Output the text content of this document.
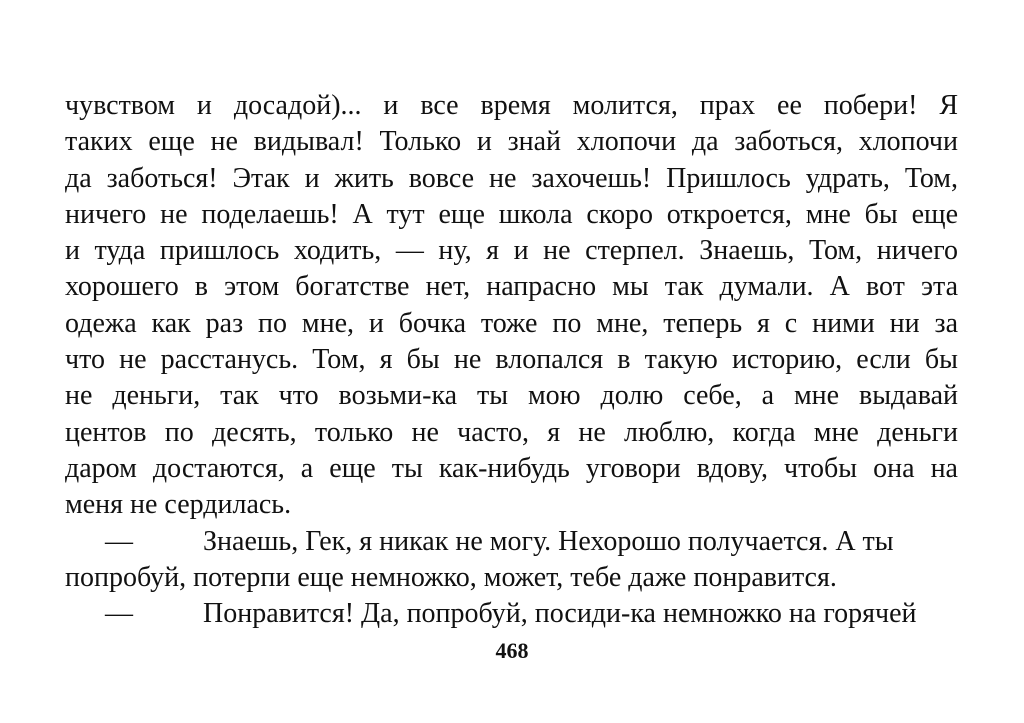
чувством и досадой)... и все время молится, прах ее побери! Я
таких еще не видывал! Только и знай хлопочи да заботься, хлопочи
да заботься! Этак и жить вовсе не захочешь! Пришлось удрать, Том,
ничего не поделаешь! А тут еще школа скоро откроется, мне бы еще
и туда пришлось ходить, — ну, я и не стерпел. Знаешь, Том, ничего
хорошего в этом богатстве нет, напрасно мы так думали. А вот эта
одежа как раз по мне, и бочка тоже по мне, теперь я с ними ни за
что не расстанусь. Том, я бы не влопался в такую историю, если бы
не деньги, так что возьми-ка ты мою долю себе, а мне выдавай
центов по десять, только не часто, я не люблю, когда мне деньги
даром достаются, а еще ты как-нибудь уговори вдову, чтобы она на
меня не сердилась.
—	Знаешь, Гек, я никак не могу. Нехорошо получается. А ты
попробуй, потерпи еще немножко, может, тебе даже понравится.
—	Понравится! Да, попробуй, посиди-ка немножко на горячей
468
